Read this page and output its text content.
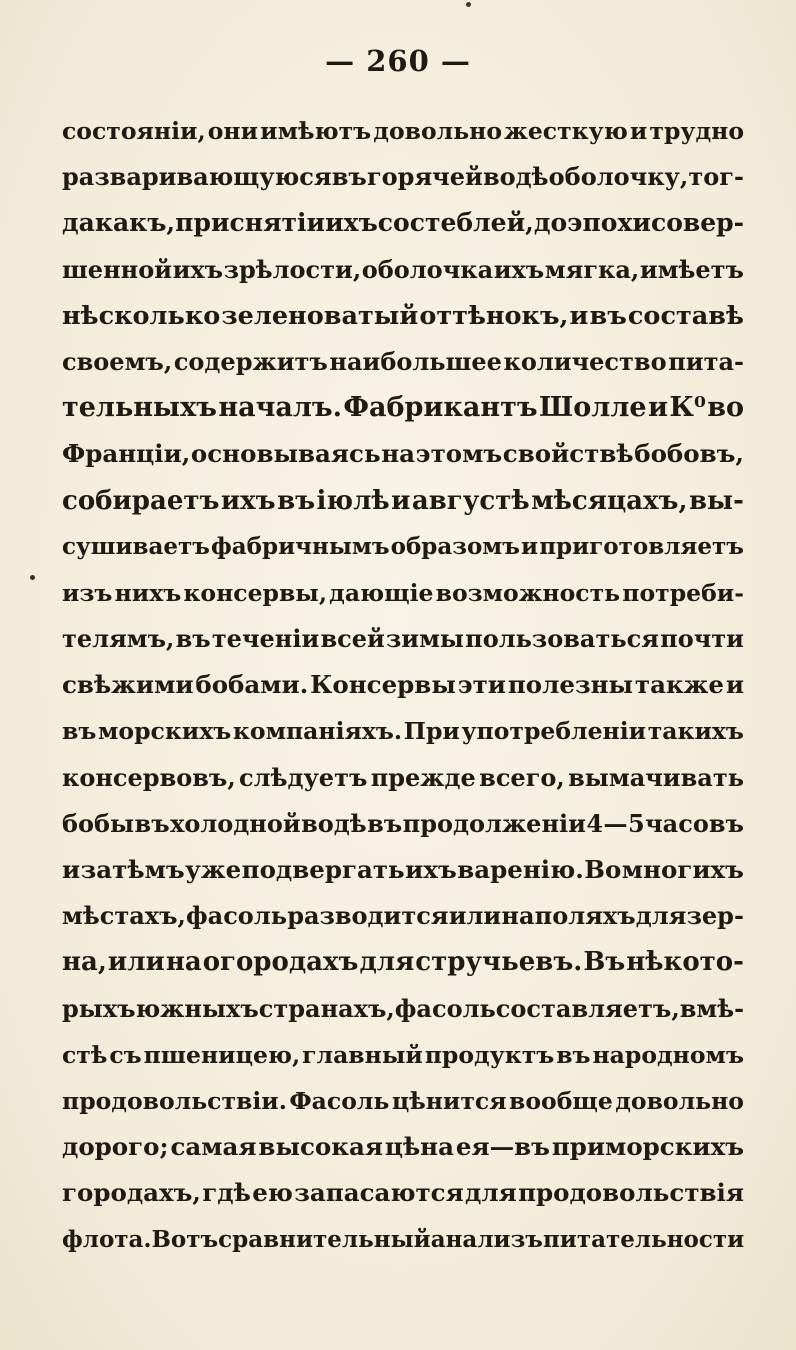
— 260 —
состоянiи, они имѣютъ довольно жесткую и трудно
разваривающуюся въ горячей водѣ оболочку, тог-
да какъ, при снятiи ихъ со стеблей, до эпохи совер-
шенной ихъ зрѣлости, оболочка ихъ мягка, имѣетъ
нѣсколько зеленоватый оттѣнокъ, и въ составѣ
своемъ, содержитъ наибольшее количество пита-
тельныхъ началъ. Фабрикантъ Шолле и К⁰ во
Францiи, основываясь на этомъ свойствѣ бобовъ,
собираетъ ихъ въ iюлѣ и августѣ мѣсяцахъ, вы-
сушиваетъ фабричнымъ образомъ и приготовляетъ
изъ нихъ консервы, дающiе возможность потреби-
телямъ, въ теченiи всей зимы пользоваться почти
свѣжими бобами. Консервы эти полезны также и
въ морскихъ компанiяхъ. При употребленiи такихъ
консервовъ, слѣдуетъ прежде всего, вымачивать
бобы въ холодной водѣ въ продолженiи 4 — 5 часовъ
и затѣмъ уже подвергать ихъ варенiю. Во многихъ
мѣстахъ, фасоль разводится или на поляхъ для зер-
на, или на огородахъ для стручьевъ. Въ нѣкото-
рыхъ южныхъ странахъ, фасоль составляетъ, вмѣ-
стѣ съ пшеницею, главный продуктъ въ народномъ
продовольствiи. Фасоль цѣнится вообще довольно
дорого; самая высокая цѣна ея—въ приморскихъ
городахъ, гдѣ ею запасаются для продовольствiя
флота. Вотъ сравнительный анализъ питательности
